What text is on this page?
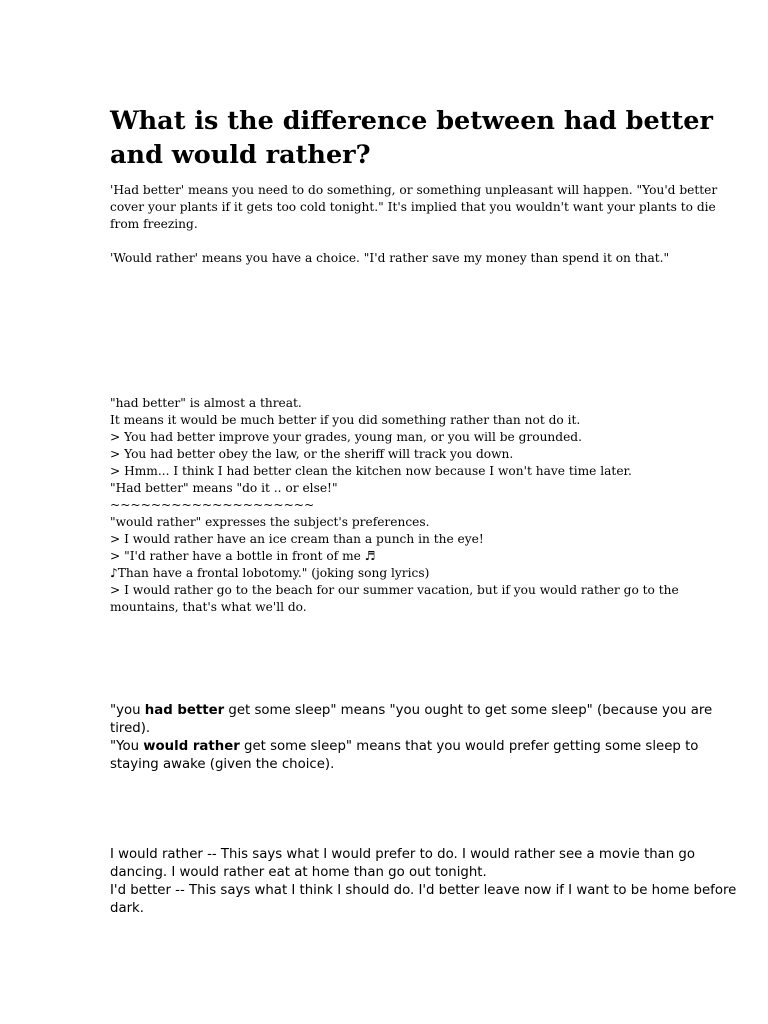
What is the difference between had better and would rather?

'Had better' means you need to do something, or something unpleasant will happen. "You'd better cover your plants if it gets too cold tonight." It's implied that you wouldn't want your plants to die from freezing.

'Would rather' means you have a choice. "I'd rather save my money than spend it on that."

"had better" is almost a threat.
It means it would be much better if you did something rather than not do it.
> You had better improve your grades, young man, or you will be grounded.
> You had better obey the law, or the sheriff will track you down.
> Hmm... I think I had better clean the kitchen now because I won't have time later.
"Had better" means "do it .. or else!"
~~~~~~~~~~~~~~~~~~~~
"would rather" expresses the subject's preferences.
> I would rather have an ice cream than a punch in the eye!
> "I'd rather have a bottle in front of me ♬
♪Than have a frontal lobotomy." (joking song lyrics)
> I would rather go to the beach for our summer vacation, but if you would rather go to the mountains, that's what we'll do.

"you had better get some sleep" means "you ought to get some sleep" (because you are tired).

"You would rather get some sleep" means that you would prefer getting some sleep to staying awake (given the choice).

I would rather -- This says what I would prefer to do. I would rather see a movie than go dancing. I would rather eat at home than go out tonight.

I'd better -- This says what I think I should do. I'd better leave now if I want to be home before dark.
